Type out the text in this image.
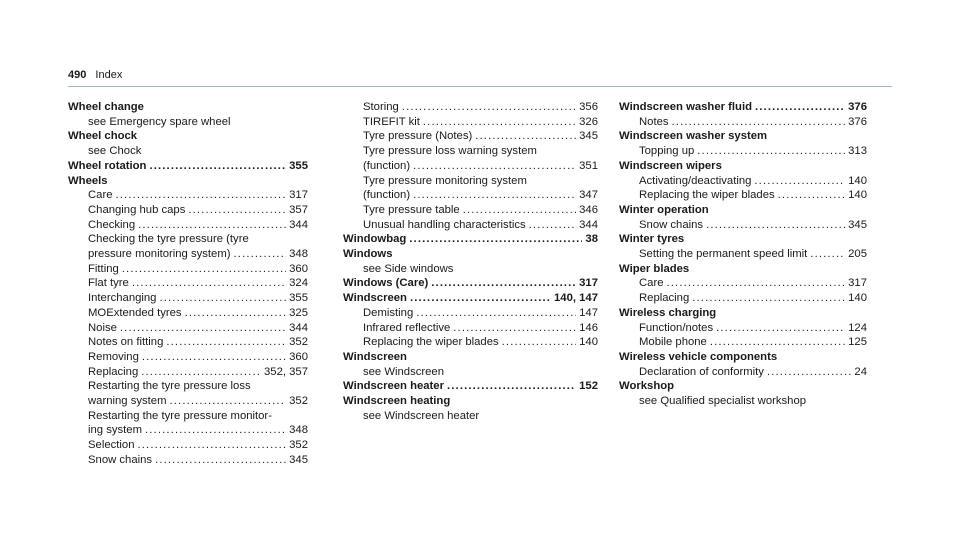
490 Index
Wheel change
see Emergency spare wheel
Wheel chock
see Chock
Wheel rotation . . .	355
Wheels
Care . . .	317
Changing hub caps . . .	357
Checking . . .	344
Checking the tyre pressure (tyre
pressure monitoring system) . . .	348
Fitting . . .	360
Flat tyre . . .	324
Interchanging . . .	355
MOExtended tyres . . .	325
Noise . . .	344
Notes on fitting . . .	352
Removing . . .	360
Replacing . . .	352, 357
Restarting the tyre pressure loss
warning system . . .	352
Restarting the tyre pressure monitor-
ing system . . .	348
Selection . . .	352
Snow chains . . .	345
Storing . . .	356
TIREFIT kit . . .	326
Tyre pressure (Notes) . . .	345
Tyre pressure loss warning system
(function) . . .	351
Tyre pressure monitoring system
(function) . . .	347
Tyre pressure table . . .	346
Unusual handling characteristics . . .	344
Windowbag . . .	38
Windows
see Side windows
Windows (Care) . . .	317
Windscreen . . .	140, 147
Demisting . . .	147
Infrared reflective . . .	146
Replacing the wiper blades . . .	140
Windscreen
see Windscreen
Windscreen heater . . .	152
Windscreen heating
see Windscreen heater
Windscreen washer fluid . . .	376
Notes . . .	376
Windscreen washer system
Topping up . . .	313
Windscreen wipers
Activating/deactivating . . .	140
Replacing the wiper blades . . .	140
Winter operation
Snow chains . . .	345
Winter tyres
Setting the permanent speed limit . . .	205
Wiper blades
Care . . .	317
Replacing . . .	140
Wireless charging
Function/notes . . .	124
Mobile phone . . .	125
Wireless vehicle components
Declaration of conformity . . .	24
Workshop
see Qualified specialist workshop
